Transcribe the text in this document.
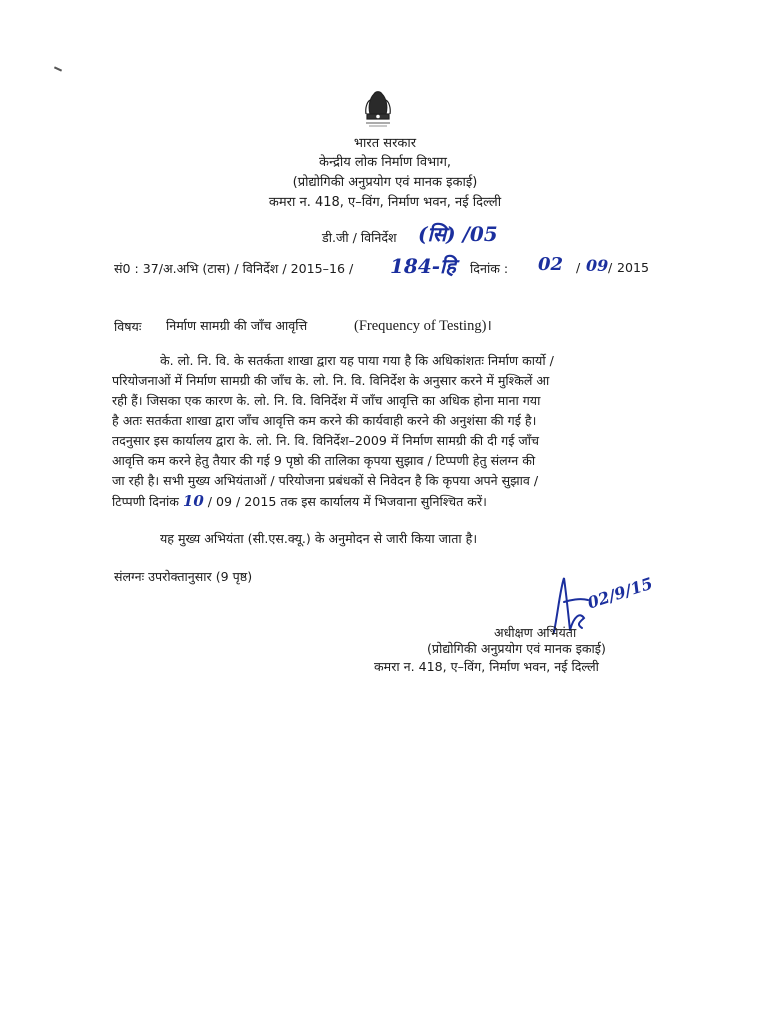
भारत सरकार
केन्द्रीय लोक निर्माण विभाग,
(प्रोद्योगिकी अनुप्रयोग एवं मानक इकाई)
कमरा न. 418, ए–विंग, निर्माण भवन, नई दिल्ली
डी.जी / विनिर्देश (सि) /05
सं0 : 37/अ.अभि (टास) / विनिर्देश / 2015–16 / 184-हि दिनांक : 02 / 09 / 2015
विषयः निर्माण सामग्री की जाँच आवृत्ति	(Frequency of Testing)।
के. लो. नि. वि. के सतर्कता शाखा द्वारा यह पाया गया है कि अधिकांशतः निर्माण कार्यो /
परियोजनाओं में निर्माण सामग्री की जाँच के. लो. नि. वि. विनिर्देश के अनुसार करने में मुश्किलें आ
रही हैं। जिसका एक कारण के. लो. नि. वि. विनिर्देश में जाँच आवृत्ति का अधिक होना माना गया
है अतः सतर्कता शाखा द्वारा जाँच आवृत्ति कम करने की कार्यवाही करने की अनुशंसा की गई है।
तदनुसार इस कार्यालय द्वारा के. लो. नि. वि. विनिर्देश–2009 में निर्माण सामग्री की दी गई जाँच
आवृत्ति कम करने हेतु तैयार की गई 9 पृष्ठो की तालिका कृपया सुझाव / टिप्पणी हेतु संलग्न की
जा रही है। सभी मुख्य अभियंताओं / परियोजना प्रबंधकों से निवेदन है कि कृपया अपने सुझाव /
टिप्पणी दिनांक 10 / 09 / 2015 तक इस कार्यालय में भिजवाना सुनिश्चित करें।
यह मुख्य अभियंता (सी.एस.क्यू.) के अनुमोदन से जारी किया जाता है।
संलग्नः उपरोक्तानुसार (9 पृष्ठ)	02/9/15
अधीक्षण अभियंता
(प्रोद्योगिकी अनुप्रयोग एवं मानक इकाई)
कमरा न. 418, ए–विंग, निर्माण भवन, नई दिल्ली
